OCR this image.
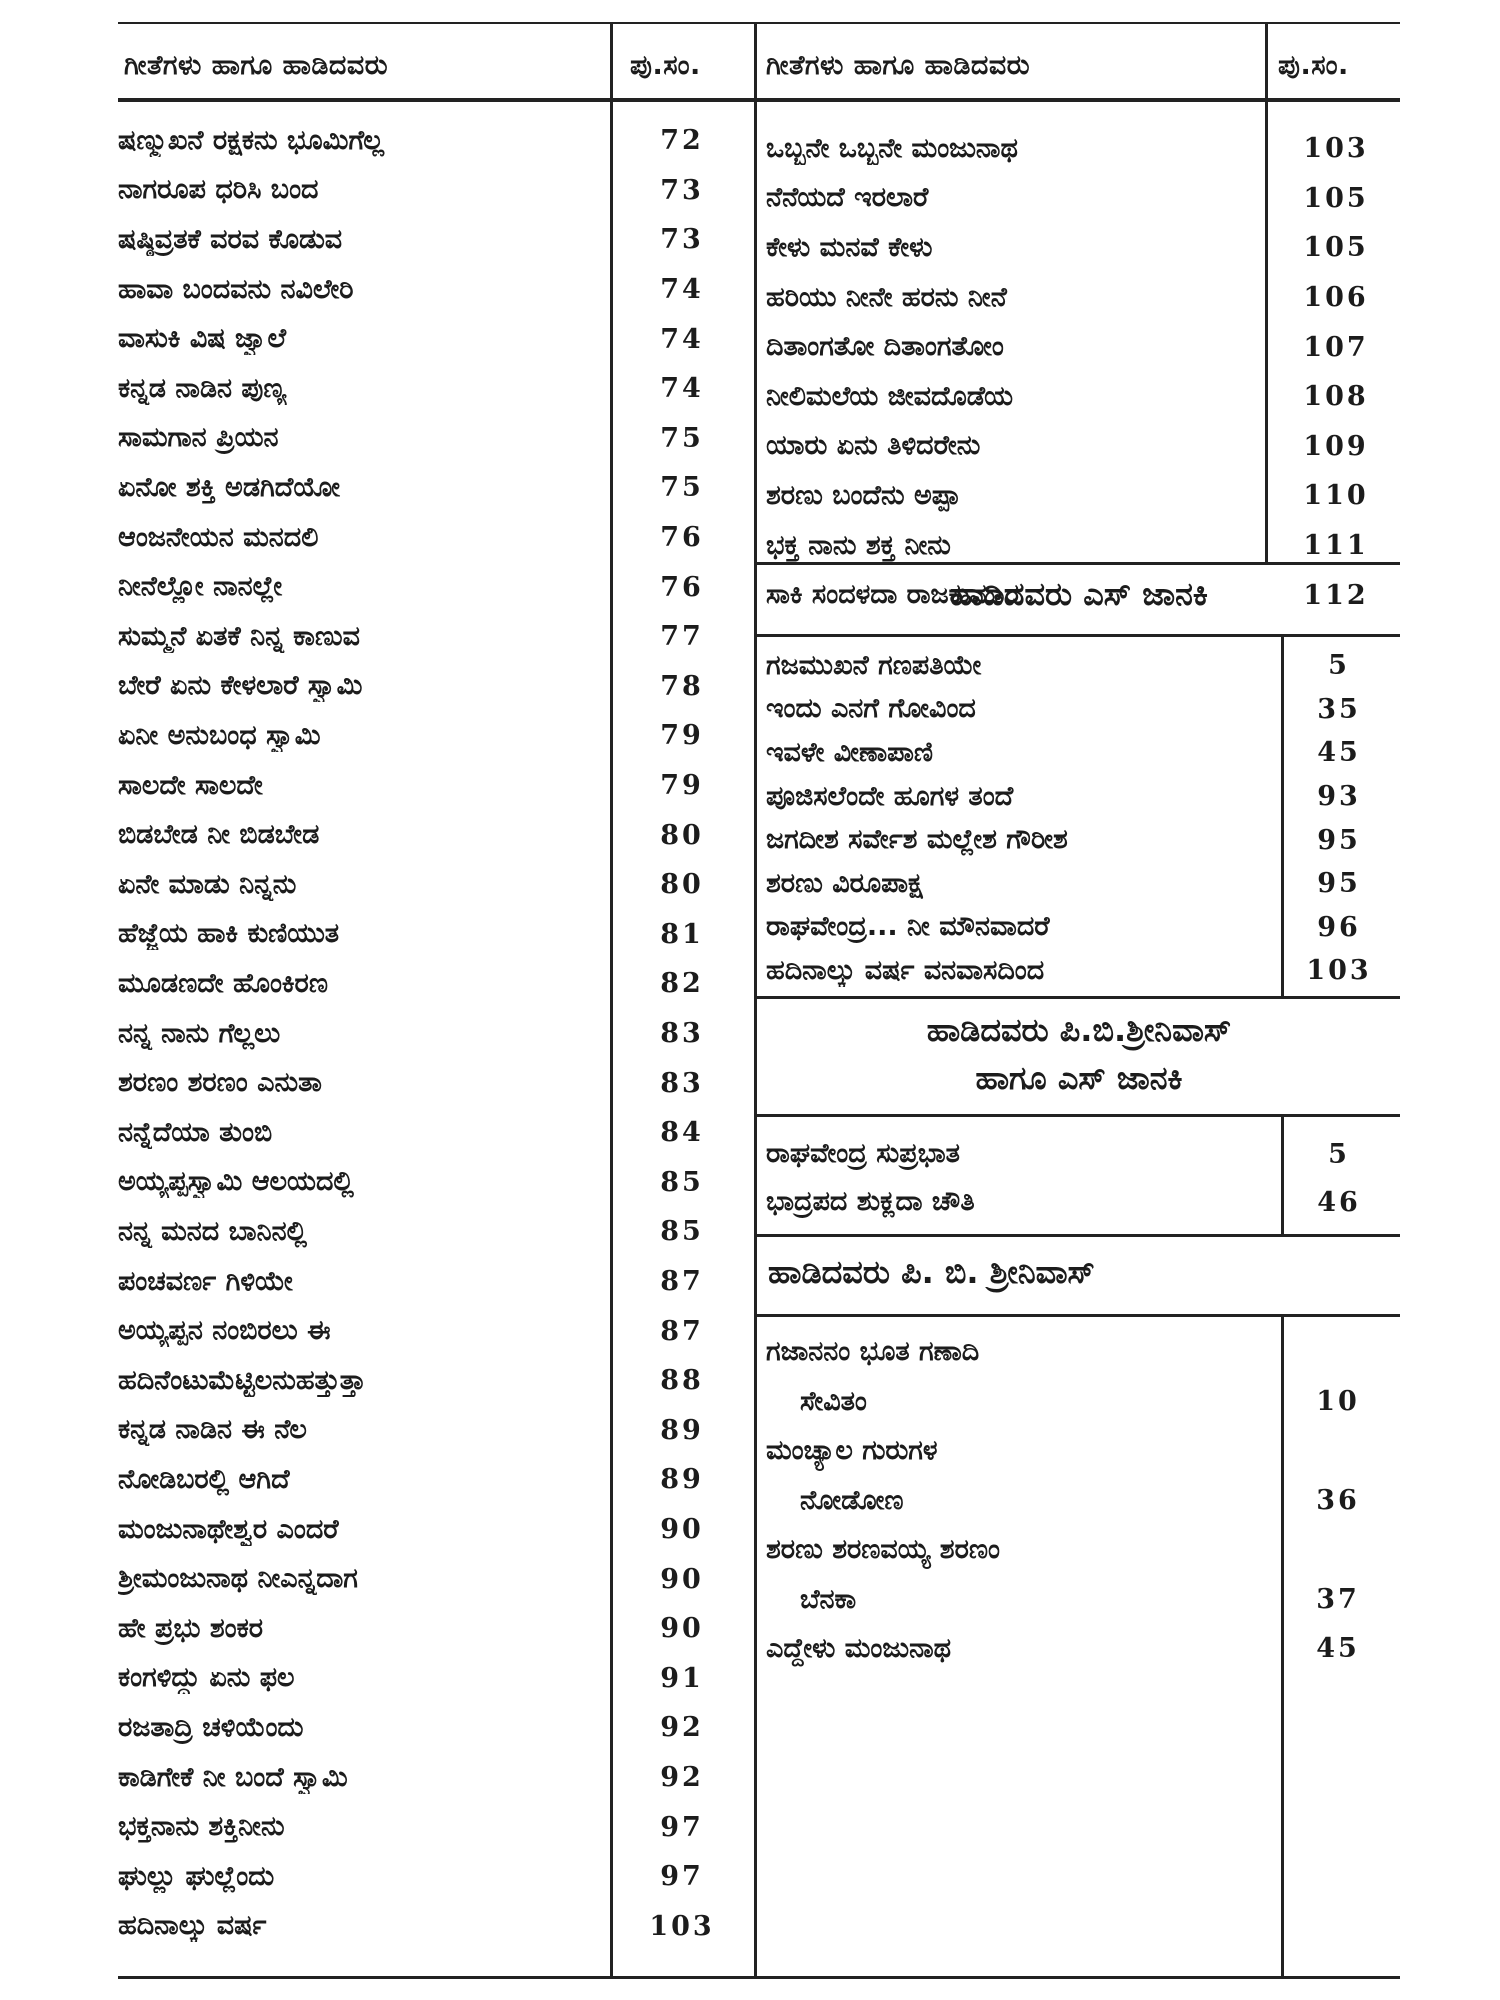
ಗೀತೆಗಳು ಹಾಗೂ ಹಾಡಿದವರು	ಪು.ಸಂ. ಗೀತೆಗಳು ಹಾಗೂ ಹಾಡಿದವರು	ಪು.ಸಂ.
ಷಣ್ಮುಖನೆ ರಕ್ಷಕನು ಭೂಮಿಗೆಲ್ಲ	72
ನಾಗರೂಪ ಧರಿಸಿ ಬಂದ	73
ಷಷ್ಠಿವ್ರತಕೆ ವರವ ಕೊಡುವ	73
ಹಾವಾ ಬಂದವನು ನವಿಲೇರಿ	74
ವಾಸುಕಿ ವಿಷ ಜ್ವಾಲೆ	74
ಕನ್ನಡ ನಾಡಿನ ಪುಣ್ಯ	74
ಸಾಮಗಾನ ಪ್ರಿಯನ	75
ಏನೋ ಶಕ್ತಿ ಅಡಗಿದೆಯೋ	75
ಆಂಜನೇಯನ ಮನದಲಿ	76
ನೀನೆಲ್ಲೋ ನಾನಲ್ಲೇ	76
ಸುಮ್ಮನೆ ಏತಕೆ ನಿನ್ನ ಕಾಣುವ	77
ಬೇರೆ ಏನು ಕೇಳಲಾರೆ ಸ್ವಾಮಿ	78
ಏನೀ ಅನುಬಂಧ ಸ್ವಾಮಿ	79
ಸಾಲದೇ ಸಾಲದೇ	79
ಬಿಡಬೇಡ ನೀ ಬಿಡಬೇಡ	80
ಏನೇ ಮಾಡು ನಿನ್ನನು	80
ಹೆಜ್ಜೆಯ ಹಾಕಿ ಕುಣಿಯುತ	81
ಮೂಡಣದೇ ಹೊಂಕಿರಣ	82
ನನ್ನ ನಾನು ಗೆಲ್ಲಲು	83
ಶರಣಂ ಶರಣಂ ಎನುತಾ	83
ನನ್ನೆದೆಯಾ ತುಂಬಿ	84
ಅಯ್ಯಪ್ಪಸ್ವಾಮಿ ಆಲಯದಲ್ಲಿ	85
ನನ್ನ ಮನದ ಬಾನಿನಲ್ಲಿ	85
ಪಂಚವರ್ಣ ಗಿಳಿಯೇ	87
ಅಯ್ಯಪ್ಪನ ನಂಬಿರಲು ಈ	87
ಹದಿನೆಂಟುಮೆಟ್ಟಿಲನುಹತ್ತುತ್ತಾ	88
ಕನ್ನಡ ನಾಡಿನ ಈ ನೆಲ	89
ನೋಡಿಬರಲ್ಲಿ ಆಗಿದೆ	89
ಮಂಜುನಾಥೇಶ್ವರ ಎಂದರೆ	90
ಶ್ರೀಮಂಜುನಾಥ ನೀಎನ್ನದಾಗ	90
ಹೇ ಪ್ರಭು ಶಂಕರ	90
ಕಂಗಳಿದ್ದು ಏನು ಫಲ	91
ರಜತಾದ್ರಿ ಚಳಿಯೆಂದು	92
ಕಾಡಿಗೇಕೆ ನೀ ಬಂದೆ ಸ್ವಾಮಿ	92
ಭಕ್ತನಾನು ಶಕ್ತಿನೀನು	97
ಘುಲ್ಲು ಘುಲ್ಲೆಂದು	97
ಹದಿನಾಲ್ಕು ವರ್ಷ	103
ಒಬ್ಬನೇ ಒಬ್ಬನೇ ಮಂಜುನಾಥ	103
ನೆನೆಯದೆ ಇರಲಾರೆ	105
ಕೇಳು ಮನವೆ ಕೇಳು	105
ಹರಿಯು ನೀನೇ ಹರನು ನೀನೆ	106
ದಿತಾಂಗತೋ ದಿತಾಂಗತೋಂ	107
ನೀಲಿಮಲೆಯ ಜೀವದೊಡೆಯ	108
ಯಾರು ಏನು ತಿಳಿದರೇನು	109
ಶರಣು ಬಂದೆನು ಅಪ್ಪಾ	110
ಭಕ್ತ ನಾನು ಶಕ್ತ ನೀನು	111
ಸಾಕಿ ಸಂದಳದಾ ರಾಜಕುಮಾರ	112
ಹಾಡಿದವರು ಎಸ್ ಜಾನಕಿ
ಗಜಮುಖನೆ ಗಣಪತಿಯೇ	5
ಇಂದು ಎನಗೆ ಗೋವಿಂದ	35
ಇವಳೇ ವೀಣಾಪಾಣಿ	45
ಪೂಜಿಸಲೆಂದೇ ಹೂಗಳ ತಂದೆ	93
ಜಗದೀಶ ಸರ್ವೇಶ ಮಲ್ಲೇಶ ಗೌರೀಶ	95
ಶರಣು ವಿರೂಪಾಕ್ಷ	95
ರಾಘವೇಂದ್ರ... ನೀ ಮೌನವಾದರೆ	96
ಹದಿನಾಲ್ಕು ವರ್ಷ ವನವಾಸದಿಂದ	103
ಹಾಡಿದವರು ಪಿ.ಬಿ.ಶ್ರೀನಿವಾಸ್
ಹಾಗೂ ಎಸ್ ಜಾನಕಿ
ರಾಘವೇಂದ್ರ ಸುಪ್ರಭಾತ	5
ಭಾದ್ರಪದ ಶುಕ್ಲದಾ ಚೌತಿ	46
ಹಾಡಿದವರು ಪಿ. ಬಿ. ಶ್ರೀನಿವಾಸ್
ಗಜಾನನಂ ಭೂತ ಗಣಾದಿ
ಸೇವಿತಂ	10
ಮಂಚ್ಯಾಲ ಗುರುಗಳ
ನೋಡೋಣ	36
ಶರಣು ಶರಣವಯ್ಯ ಶರಣಂ
ಬೆನಕಾ	37
ಎದ್ದೇಳು ಮಂಜುನಾಥ	45
